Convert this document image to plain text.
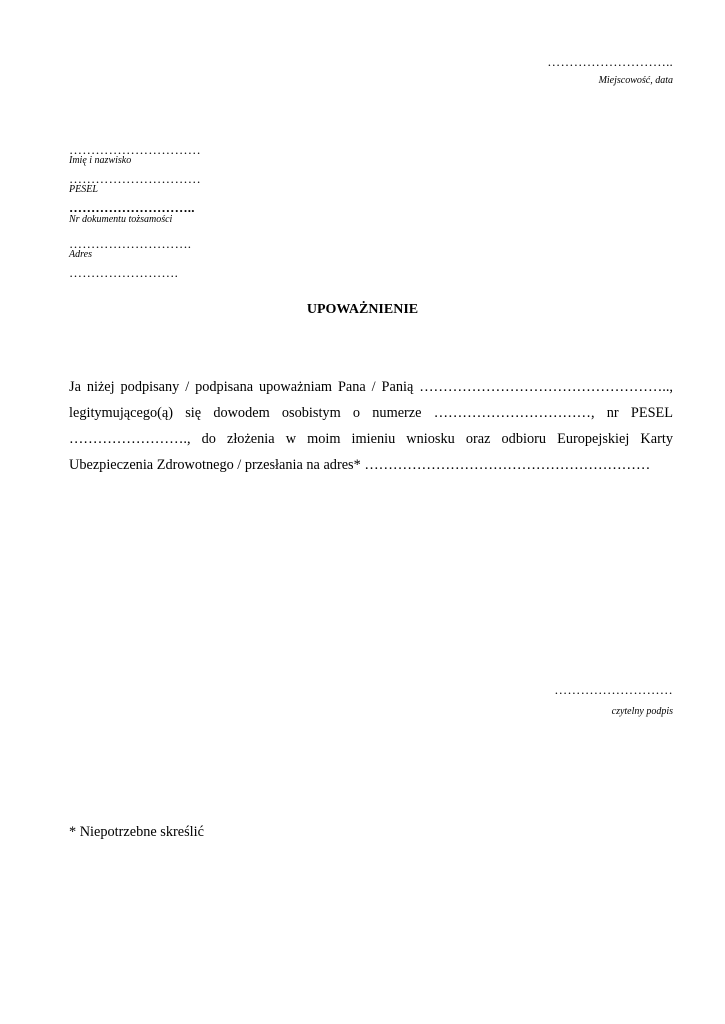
………………………..
Miejscowość, data
…………………………
Imię i nazwisko
…………………………
PESEL
………………………..
Nr dokumentu tożsamości
……………………….
Adres
…………………….
UPOWAŻNIENIE
Ja niżej podpisany / podpisana upoważniam Pana / Panią ……………………………………………..,
legitymującego(ą) się dowodem osobistym o numerze ……………………………, nr PESEL
……………………., do złożenia w moim imieniu wniosku oraz odbioru Europejskiej Karty
Ubezpieczenia Zdrowotnego / przesłania na adres* ……………………………………………………
………………………
czytelny podpis
* Niepotrzebne skreślić
